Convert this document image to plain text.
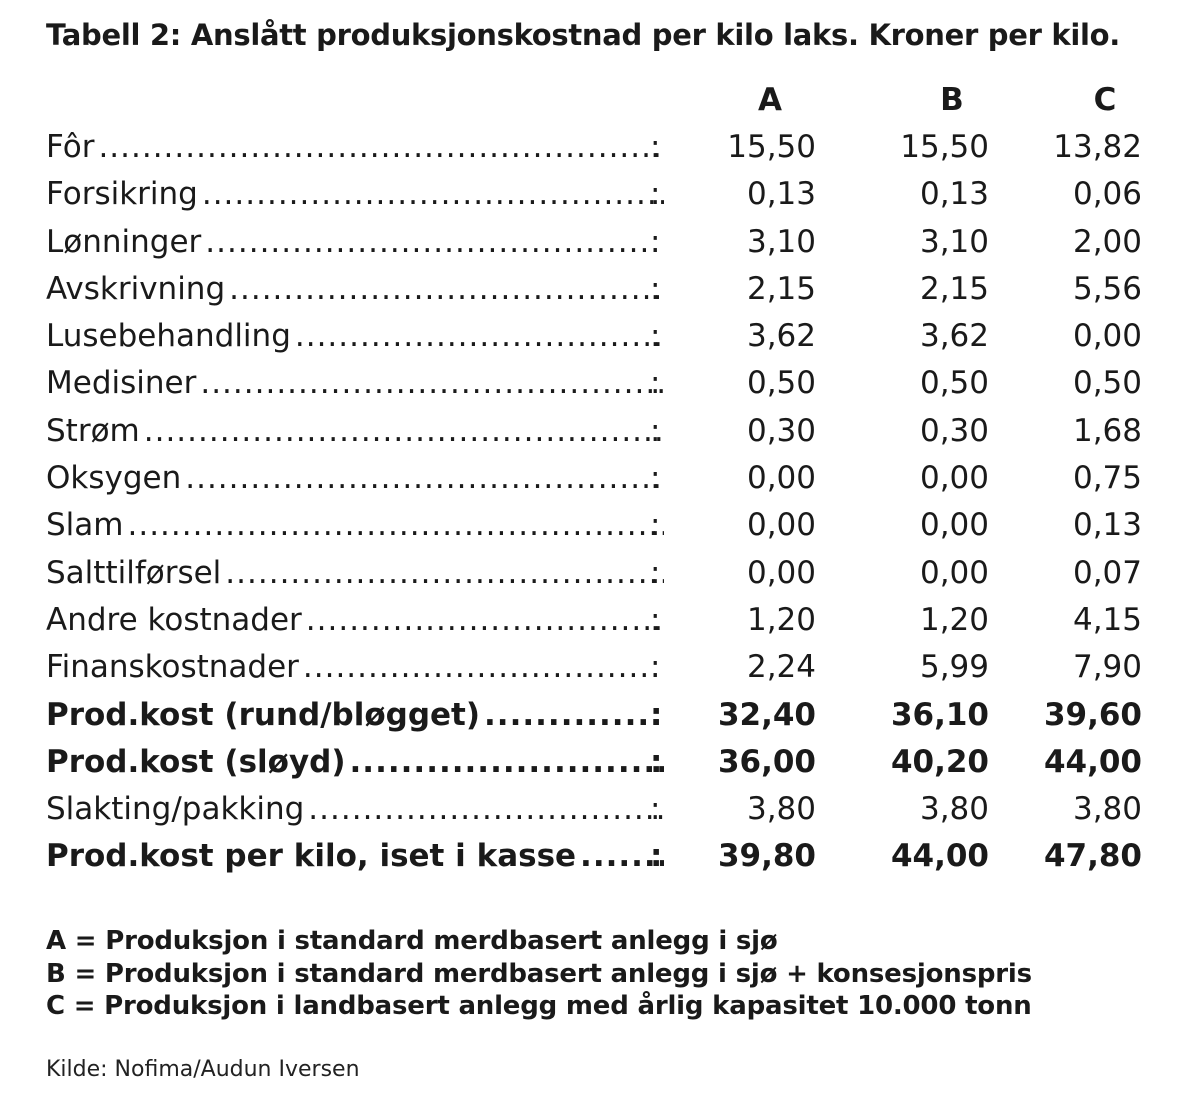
Tabell 2: Anslått produksjonskostnad per kilo laks. Kroner per kilo.
A	B	C
Fôr .....	:	15,50	15,50	13,82
Forsikring .....	:	0,13	0,13	0,06
Lønninger .....	:	3,10	3,10	2,00
Avskrivning .....	:	2,15	2,15	5,56
Lusebehandling .....	:	3,62	3,62	0,00
Medisiner .....	:	0,50	0,50	0,50
Strøm .....	:	0,30	0,30	1,68
Oksygen .....	:	0,00	0,00	0,75
Slam .....	:	0,00	0,00	0,13
Salttilførsel .....	:	0,00	0,00	0,07
Andre kostnader .....	:	1,20	1,20	4,15
Finanskostnader .....	:	2,24	5,99	7,90
Prod.kost (rund/bløgget) .....	:	32,40	36,10	39,60
Prod.kost (sløyd) .....	:	36,00	40,20	44,00
Slakting/pakking .....	:	3,80	3,80	3,80
Prod.kost per kilo, iset i kasse ..... :	39,80	44,00	47,80
A = Produksjon i standard merdbasert anlegg i sjø
B = Produksjon i standard merdbasert anlegg i sjø + konsesjonspris
C = Produksjon i landbasert anlegg med årlig kapasitet 10.000 tonn
Kilde: Nofima/Audun Iversen
